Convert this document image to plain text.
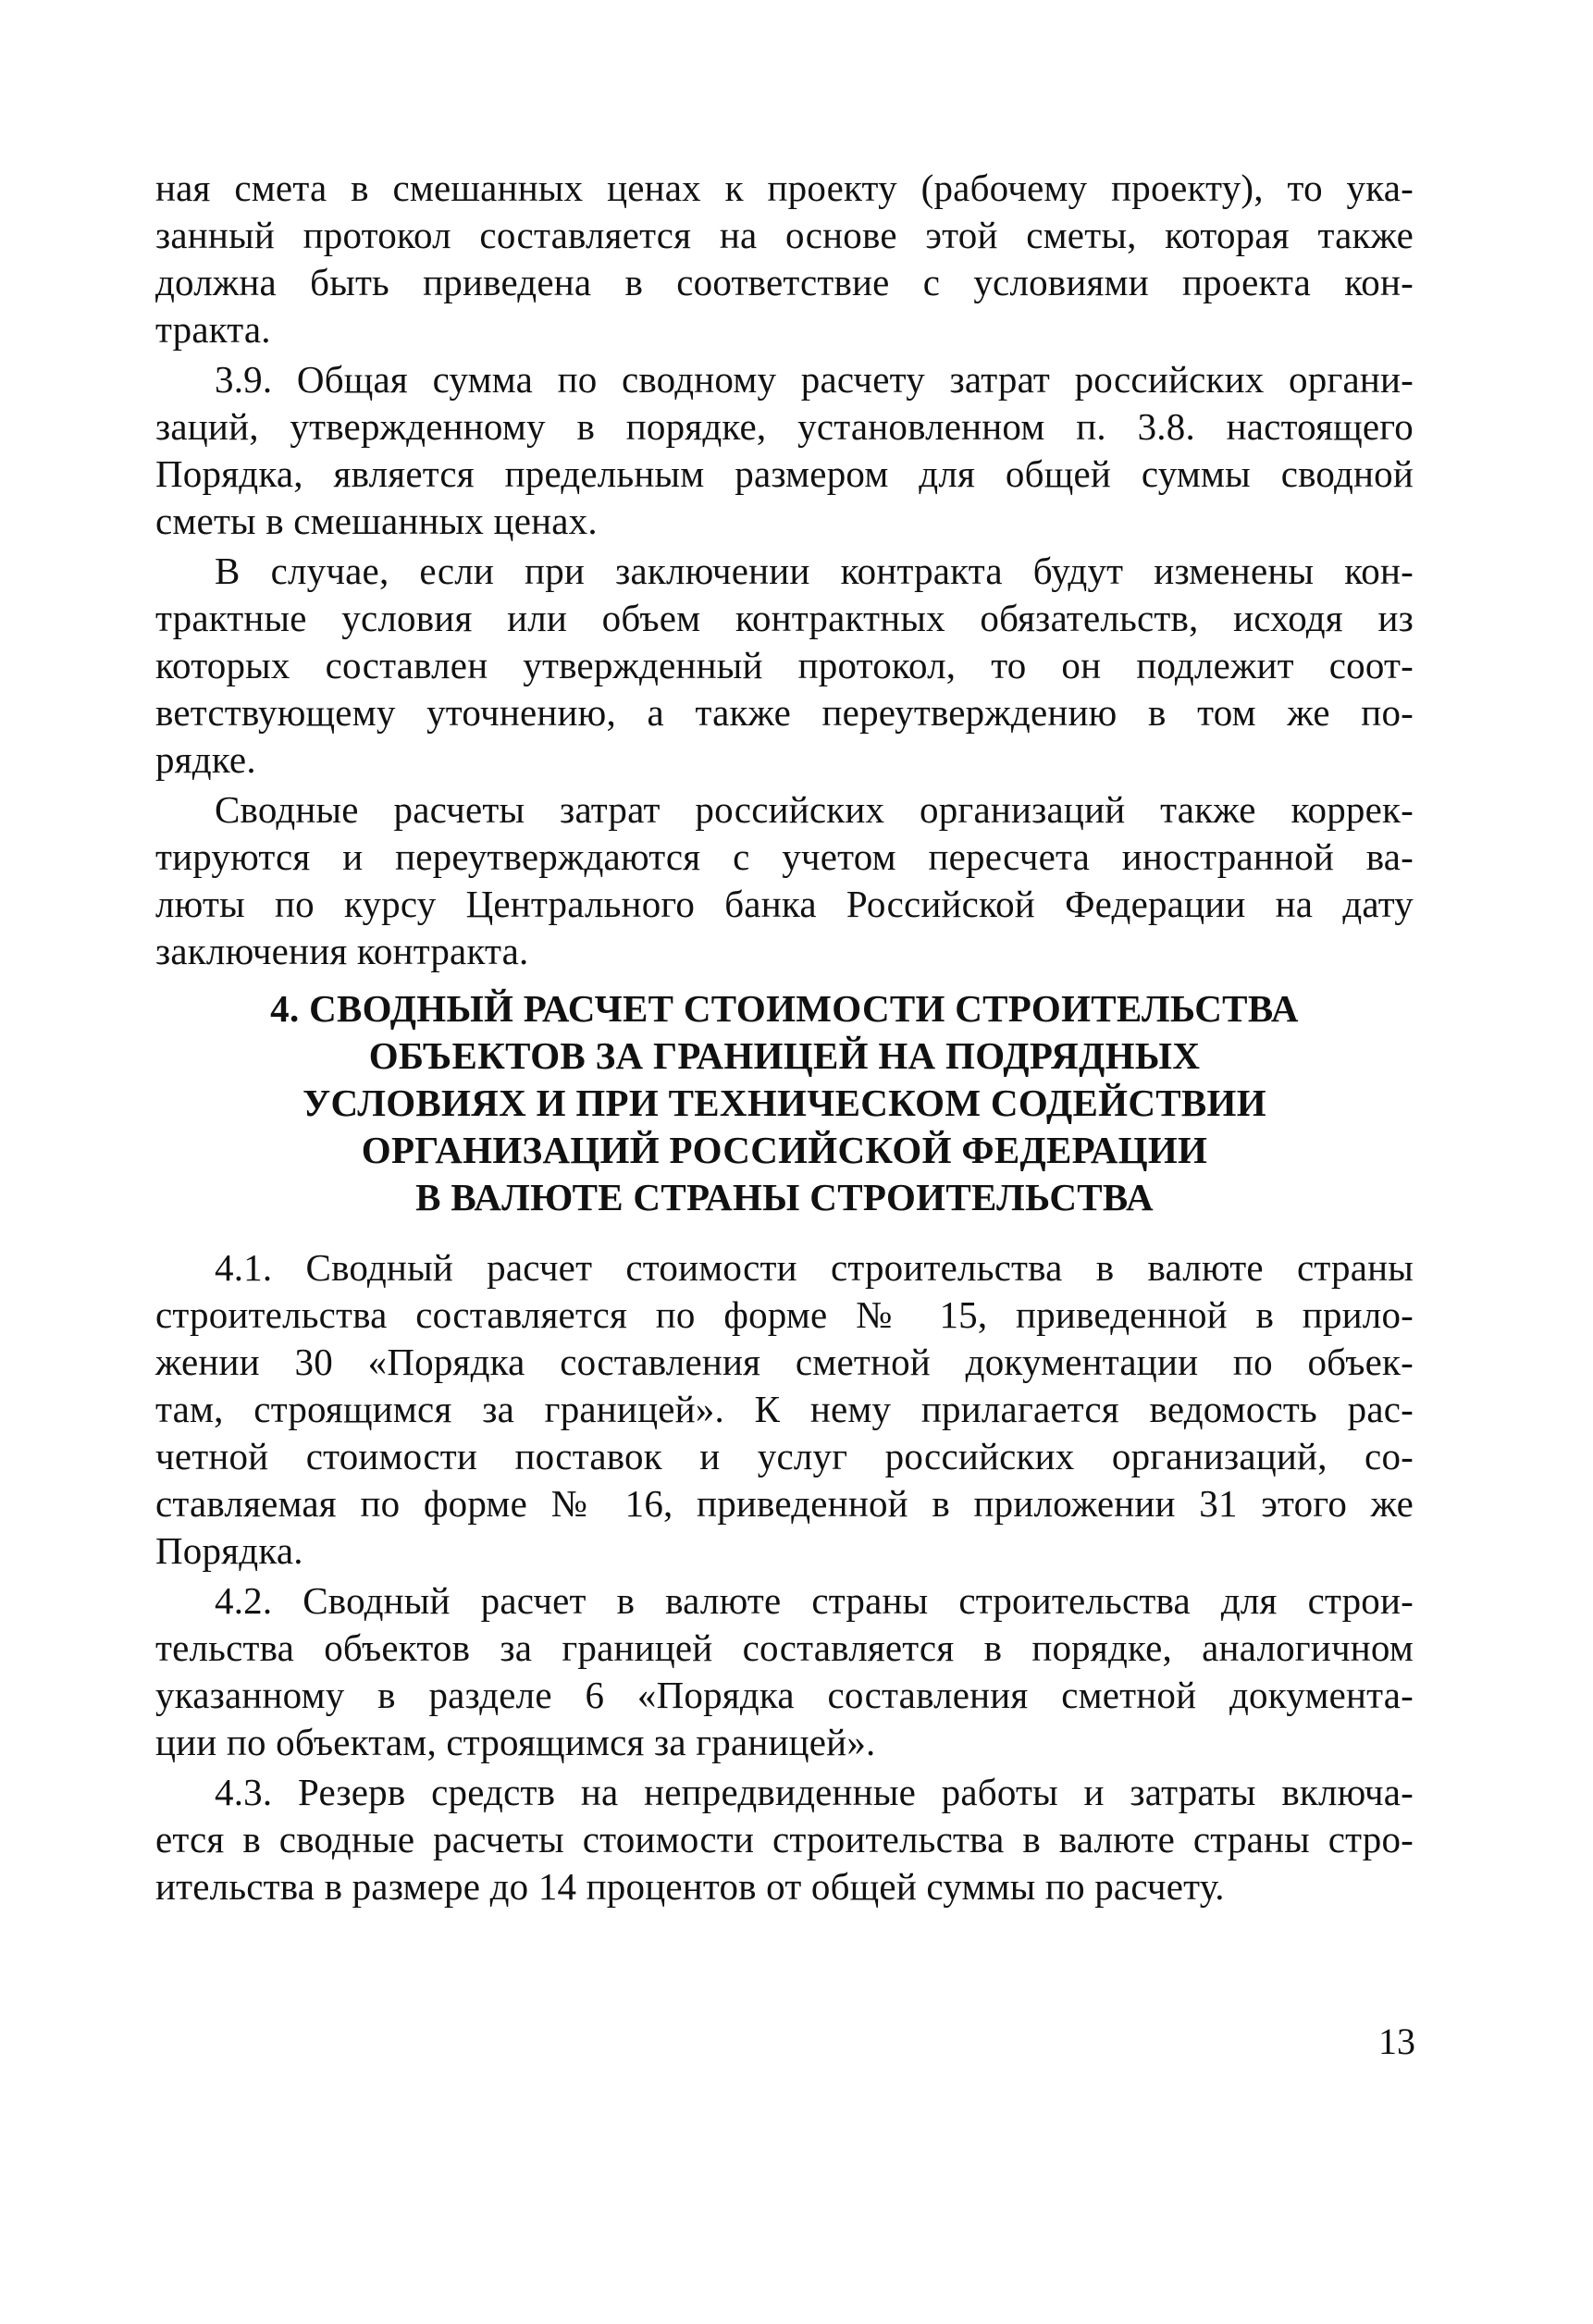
ная смета в смешанных ценах к проекту (рабочему проекту), то ука-
занный протокол составляется на основе этой сметы, которая также
должна быть приведена в соответствие с условиями проекта кон-
тракта.
3.9. Общая сумма по сводному расчету затрат российских органи-
заций, утвержденному в порядке, установленном п. 3.8. настоящего
Порядка, является предельным размером для общей суммы сводной
сметы в смешанных ценах.
В случае, если при заключении контракта будут изменены кон-
трактные условия или объем контрактных обязательств, исходя из
которых составлен утвержденный протокол, то он подлежит соот-
ветствующему уточнению, а также переутверждению в том же по-
рядке.
Сводные расчеты затрат российских организаций также коррек-
тируются и переутверждаются с учетом пересчета иностранной ва-
люты по курсу Центрального банка Российской Федерации на дату
заключения контракта.
4. СВОДНЫЙ РАСЧЕТ СТОИМОСТИ СТРОИТЕЛЬСТВА
ОБЪЕКТОВ ЗА ГРАНИЦЕЙ НА ПОДРЯДНЫХ
УСЛОВИЯХ И ПРИ ТЕХНИЧЕСКОМ СОДЕЙСТВИИ
ОРГАНИЗАЦИЙ РОССИЙСКОЙ ФЕДЕРАЦИИ
В ВАЛЮТЕ СТРАНЫ СТРОИТЕЛЬСТВА
4.1. Сводный расчет стоимости строительства в валюте страны
строительства составляется по форме № 15, приведенной в прило-
жении 30 «Порядка составления сметной документации по объек-
там, строящимся за границей». К нему прилагается ведомость рас-
четной стоимости поставок и услуг российских организаций, со-
ставляемая по форме № 16, приведенной в приложении 31 этого же
Порядка.
4.2. Сводный расчет в валюте страны строительства для строи-
тельства объектов за границей составляется в порядке, аналогичном
указанному в разделе 6 «Порядка составления сметной документа-
ции по объектам, строящимся за границей».
4.3. Резерв средств на непредвиденные работы и затраты включа-
ется в сводные расчеты стоимости строительства в валюте страны стро-
ительства в размере до 14 процентов от общей суммы по расчету.
13
